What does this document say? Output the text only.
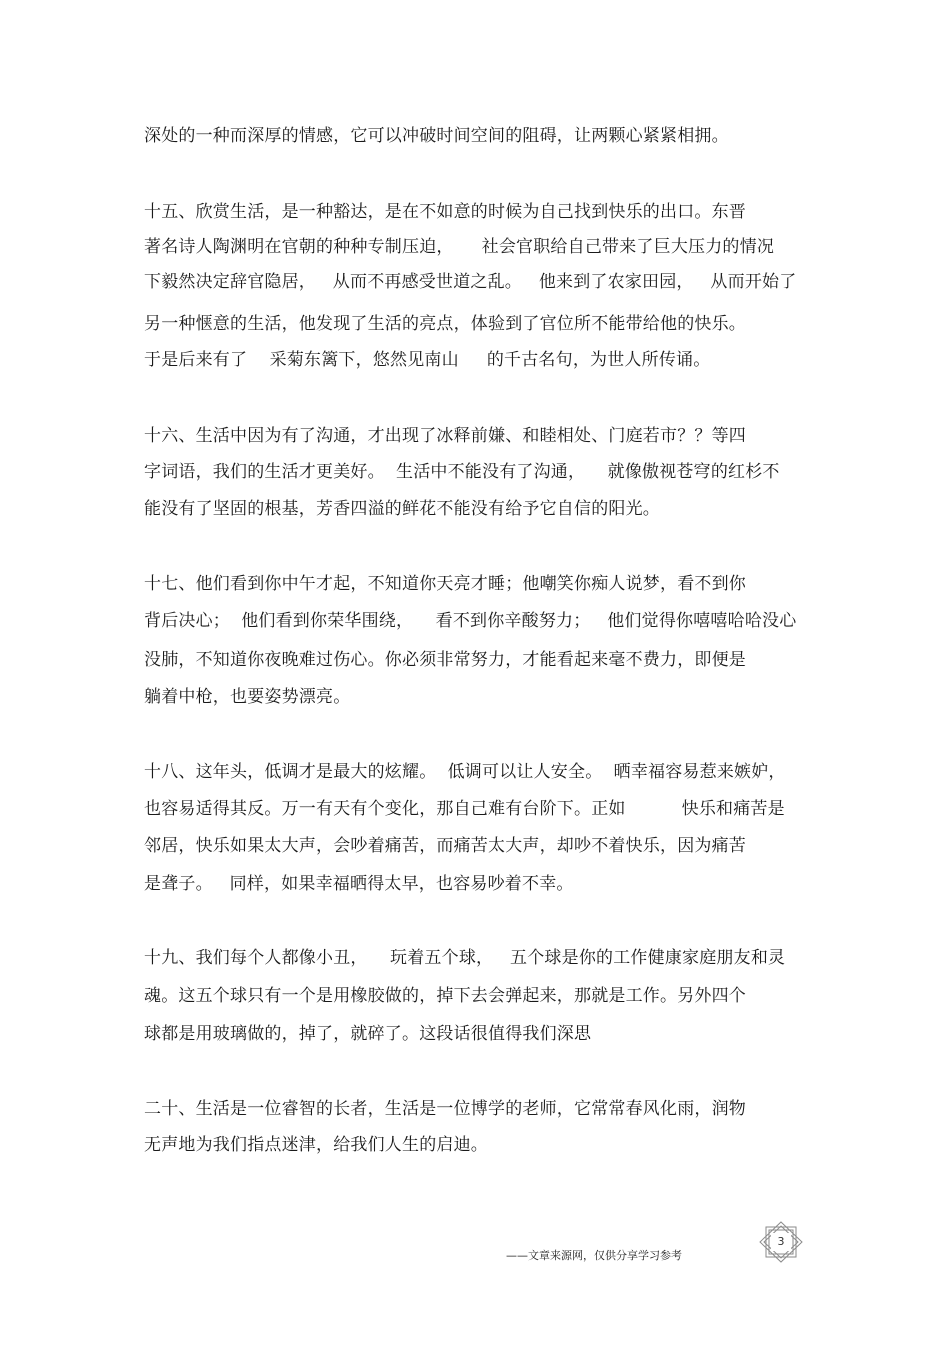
深处的一种而深厚的情感，它可以冲破时间空间的阻碍，让两颗心紧紧相拥。
十五、欣赏生活，是一种豁达，是在不如意的时候为自己找到快乐的出口。东晋
著名诗人陶渊明在官朝的种种专制压迫，     社会官职给自己带来了巨大压力的情况
下毅然决定辞官隐居，   从而不再感受世道之乱。   他来到了农家田园，   从而开始了
另一种惬意的生活，他发现了生活的亮点，体验到了官位所不能带给他的快乐。
于是后来有了    采菊东篱下，悠然见南山     的千古名句，为世人所传诵。
十六、生活中因为有了沟通，才出现了冰释前嫌、和睦相处、门庭若市？？等四
字词语，我们的生活才更美好。  生活中不能没有了沟通，    就像傲视苍穹的红杉不
能没有了坚固的根基，芳香四溢的鲜花不能没有给予它自信的阳光。
十七、他们看到你中午才起，不知道你天亮才睡；他嘲笑你痴人说梦，看不到你
背后决心；  他们看到你荣华围绕，    看不到你辛酸努力；   他们觉得你嘻嘻哈哈没心
没肺，不知道你夜晚难过伤心。你必须非常努力，才能看起来毫不费力，即便是
躺着中枪，也要姿势漂亮。
十八、这年头，低调才是最大的炫耀。  低调可以让人安全。  晒幸福容易惹来嫉妒，
也容易适得其反。万一有天有个变化，那自己难有台阶下。正如          快乐和痛苦是
邻居，快乐如果太大声，会吵着痛苦，而痛苦太大声，却吵不着快乐，因为痛苦
是聋子。   同样，如果幸福晒得太早，也容易吵着不幸。
十九、我们每个人都像小丑，    玩着五个球，   五个球是你的工作健康家庭朋友和灵
魂。这五个球只有一个是用橡胶做的，掉下去会弹起来，那就是工作。另外四个
球都是用玻璃做的，掉了，就碎了。这段话很值得我们深思
二十、生活是一位睿智的长者，生活是一位博学的老师，它常常春风化雨，润物
无声地为我们指点迷津，给我们人生的启迪。
——文章来源网，仅供分享学习参考
3
